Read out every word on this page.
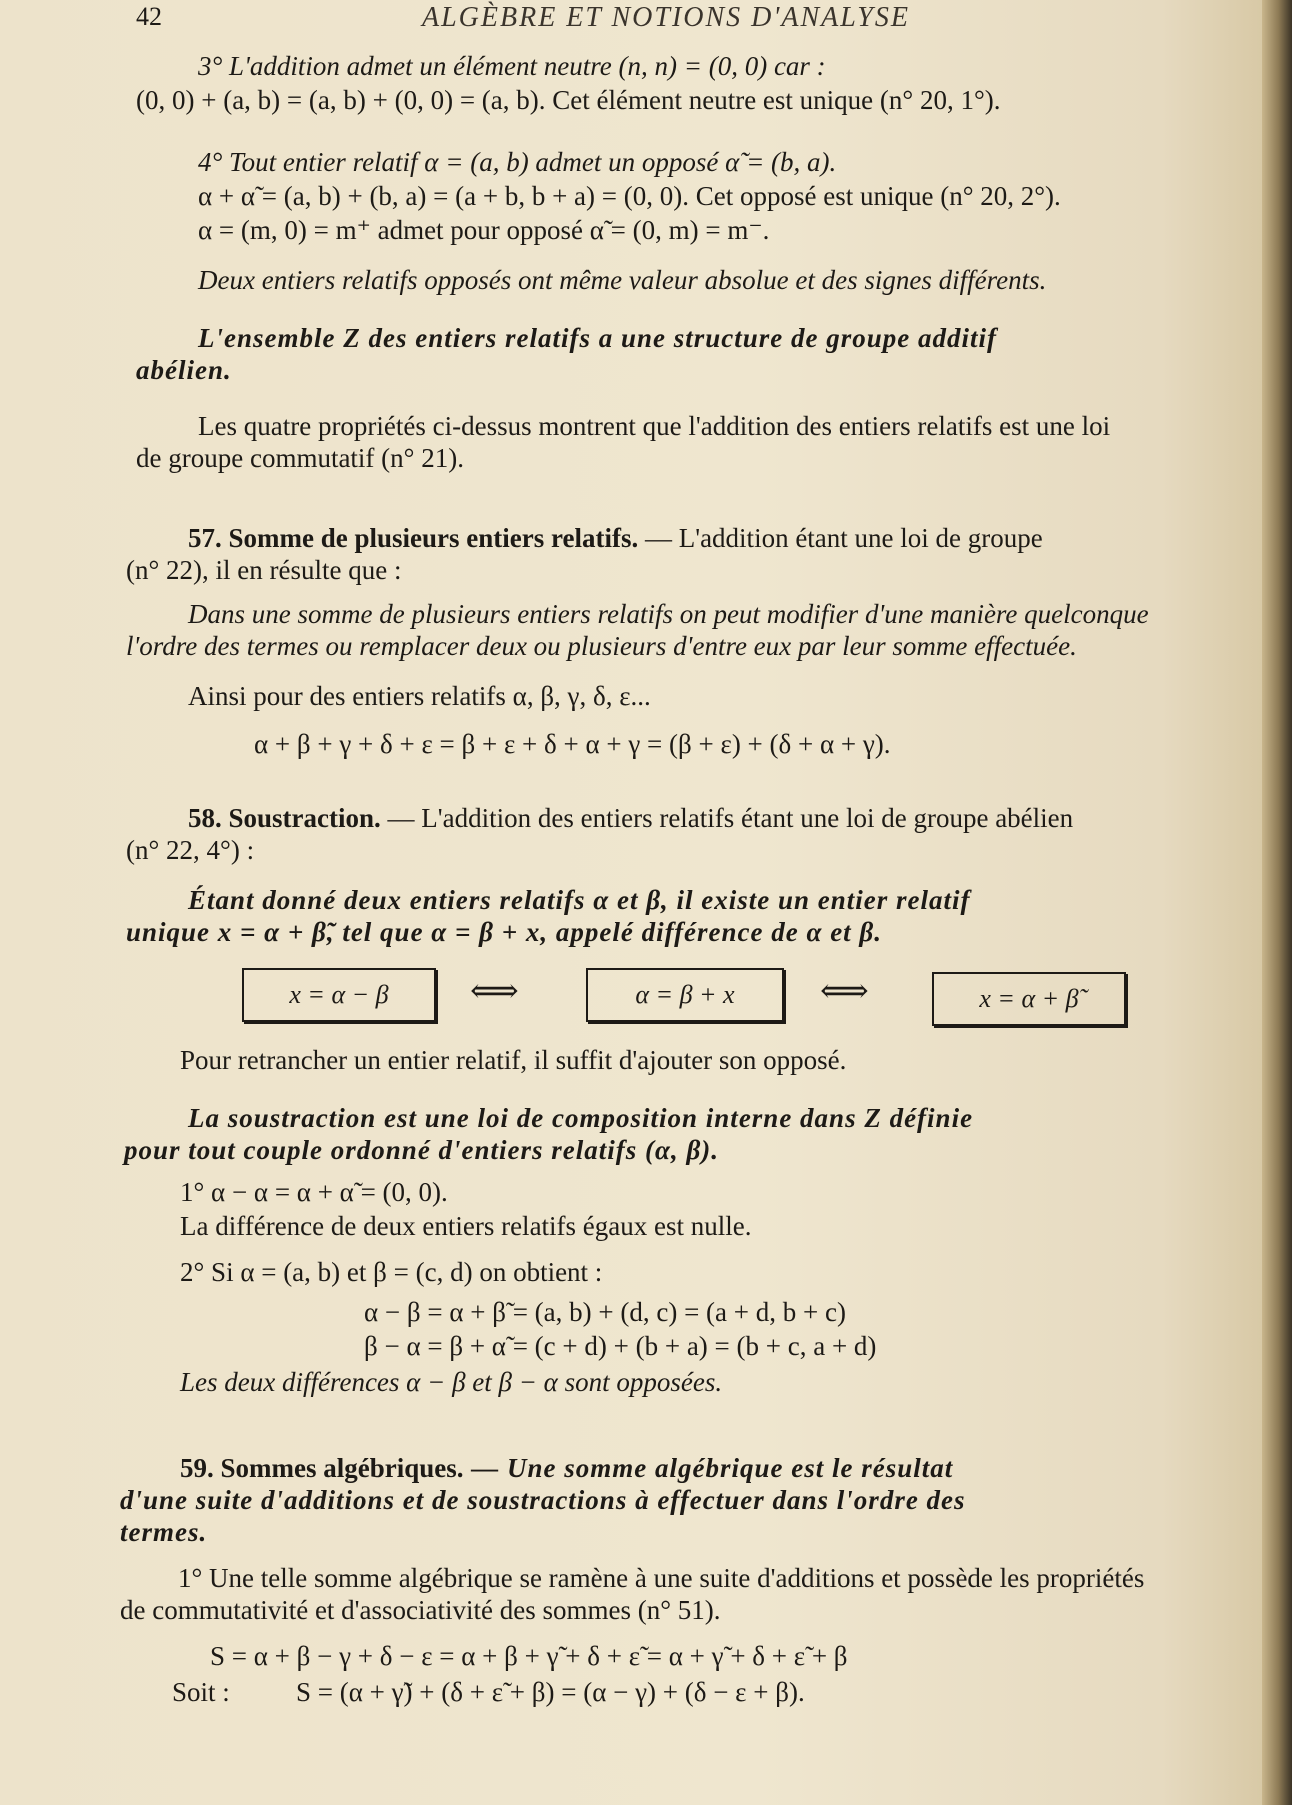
42	ALGÈBRE ET NOTIONS D'ANALYSE
3° L'addition admet un élément neutre (n, n) = (0, 0) car :
(0, 0) + (a, b) = (a, b) + (0, 0) = (a, b). Cet élément neutre est unique (n° 20, 1°).
4° Tout entier relatif α = (a, b) admet un opposé α̃ = (b, a).
α + α̃ = (a, b) + (b, a) = (a + b, b + a) = (0, 0). Cet opposé est unique (n° 20, 2°).
α = (m, 0) = m⁺ admet pour opposé α̃ = (0, m) = m⁻.
Deux entiers relatifs opposés ont même valeur absolue et des signes différents.
L'ensemble Z des entiers relatifs a une structure de groupe additif
abélien.
Les quatre propriétés ci-dessus montrent que l'addition des entiers relatifs est une loi
de groupe commutatif (n° 21).
57. Somme de plusieurs entiers relatifs. — L'addition étant une loi de groupe
(n° 22), il en résulte que :
Dans une somme de plusieurs entiers relatifs on peut modifier d'une manière quelconque
l'ordre des termes ou remplacer deux ou plusieurs d'entre eux par leur somme effectuée.
Ainsi pour des entiers relatifs α, β, γ, δ, ε...
α + β + γ + δ + ε = β + ε + δ + α + γ = (β + ε) + (δ + α + γ).
58. Soustraction. — L'addition des entiers relatifs étant une loi de groupe abélien
(n° 22, 4°) :
Étant donné deux entiers relatifs α et β, il existe un entier relatif
unique x = α + β̃, tel que α = β + x, appelé différence de α et β.
x = α − β	⟺	α = β + x	⟺	x = α + β̃
Pour retrancher un entier relatif, il suffit d'ajouter son opposé.
La soustraction est une loi de composition interne dans Z définie
pour tout couple ordonné d'entiers relatifs (α, β).
1° α − α = α + α̃ = (0, 0).
La différence de deux entiers relatifs égaux est nulle.
2° Si α = (a, b) et β = (c, d) on obtient :
α − β = α + β̃ = (a, b) + (d, c) = (a + d, b + c)
β − α = β + α̃ = (c + d) + (b + a) = (b + c, a + d)
Les deux différences α − β et β − α sont opposées.
59. Sommes algébriques. — Une somme algébrique est le résultat
d'une suite d'additions et de soustractions à effectuer dans l'ordre des
termes.
1° Une telle somme algébrique se ramène à une suite d'additions et possède les propriétés
de commutativité et d'associativité des sommes (n° 51).
S = α + β − γ + δ − ε = α + β + γ̃ + δ + ε̃ = α + γ̃ + δ + ε̃ + β
Soit : S = (α + γ̃) + (δ + ε̃ + β) = (α − γ) + (δ − ε + β).
